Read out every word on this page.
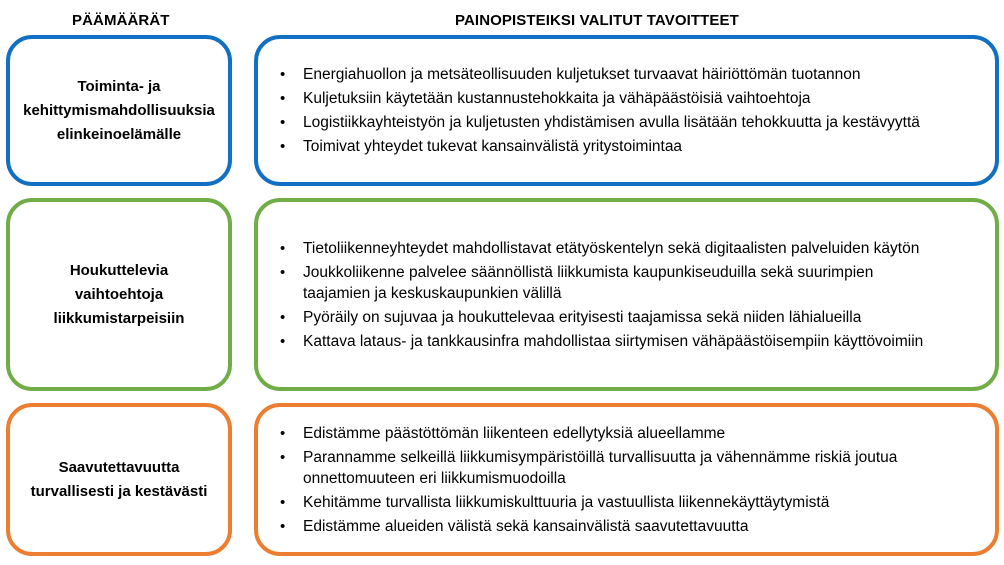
PÄÄMÄÄRÄT	PAINOPISTEIKSI VALITUT TAVOITTEET
Toiminta- ja
kehittymismahdollisuuksia
elinkeinoelämälle
• Energiahuollon ja metsäteollisuuden kuljetukset turvaavat häiriöttömän tuotannon
• Kuljetuksiin käytetään kustannustehokkaita ja vähäpäästöisiä vaihtoehtoja
• Logistiikkayhteistyön ja kuljetusten yhdistämisen avulla lisätään tehokkuutta ja kestävyyttä
• Toimivat yhteydet tukevat kansainvälistä yritystoimintaa
Houkuttelevia
vaihtoehtoja
liikkumistarpeisiin
• Tietoliikenneyhteydet mahdollistavat etätyöskentelyn sekä digitaalisten palveluiden käytön
• Joukkoliikenne palvelee säännöllistä liikkumista kaupunkiseuduilla sekä suurimpien taajamien ja keskuskaupunkien välillä
• Pyöräily on sujuvaa ja houkuttelevaa erityisesti taajamissa sekä niiden lähialueilla
• Kattava lataus- ja tankkausinfra mahdollistaa siirtymisen vähäpäästöisempiin käyttövoimiin
Saavutettavuutta
turvallisesti ja kestävästi
• Edistämme päästöttömän liikenteen edellytyksiä alueellamme
• Parannamme selkeillä liikkumisympäristöillä turvallisuutta ja vähennämme riskiä joutua onnettomuuteen eri liikkumismuodoilla
• Kehitämme turvallista liikkumiskulttuuria ja vastuullista liikennekäyttäytymistä
• Edistämme alueiden välistä sekä kansainvälistä saavutettavuutta
